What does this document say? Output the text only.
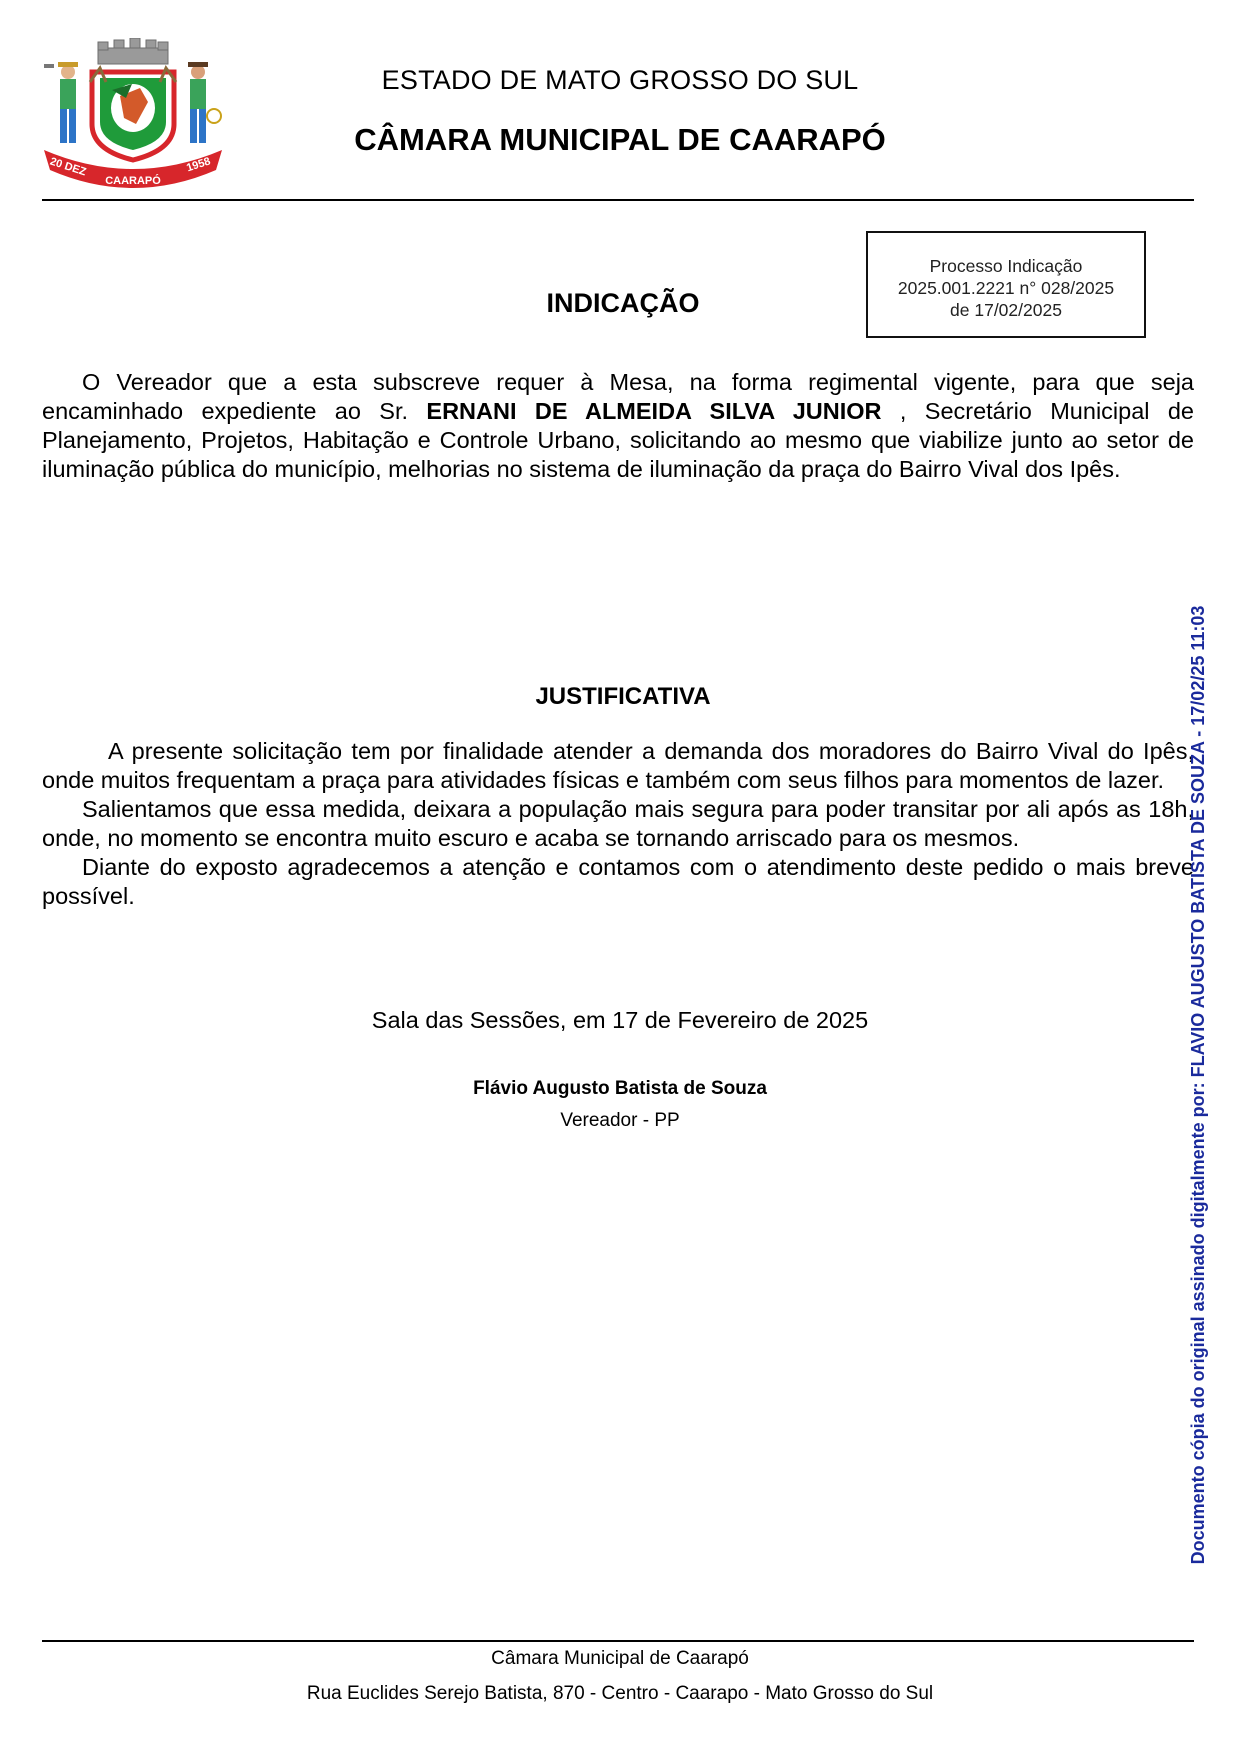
20 DEZ
CAARAPÓ
1958
ESTADO DE MATO GROSSO DO SUL
CÂMARA MUNICIPAL DE CAARAPÓ
Processo Indicação
2025.001.2221 n° 028/2025
de 17/02/2025
INDICAÇÃO

O Vereador que a esta subscreve requer à Mesa, na forma regimental vigente, para que seja encaminhado expediente ao Sr. ERNANI DE ALMEIDA SILVA JUNIOR , Secretário Municipal de Planejamento, Projetos, Habitação e Controle Urbano, solicitando ao mesmo que viabilize junto ao setor de iluminação pública do município, melhorias no sistema de iluminação da praça do Bairro Vival dos Ipês.

JUSTIFICATIVA

A presente solicitação tem por finalidade atender a demanda dos moradores do Bairro Vival do Ipês, onde muitos frequentam a praça para atividades físicas e também com seus filhos para momentos de lazer.

Salientamos que essa medida, deixara a população mais segura para poder transitar por ali após as 18h, onde, no momento se encontra muito escuro e acaba se tornando arriscado para os mesmos.

Diante do exposto agradecemos a atenção e contamos com o atendimento deste pedido o mais breve possível.

Sala das Sessões, em 17 de Fevereiro de 2025
Flávio Augusto Batista de Souza
Vereador - PP
Câmara Municipal de Caarapó
Rua Euclides Serejo Batista, 870 - Centro - Caarapo - Mato Grosso do Sul
Documento cópia do original assinado digitalmente por: FLAVIO AUGUSTO BATISTA DE SOUZA - 17/02/25 11:03
